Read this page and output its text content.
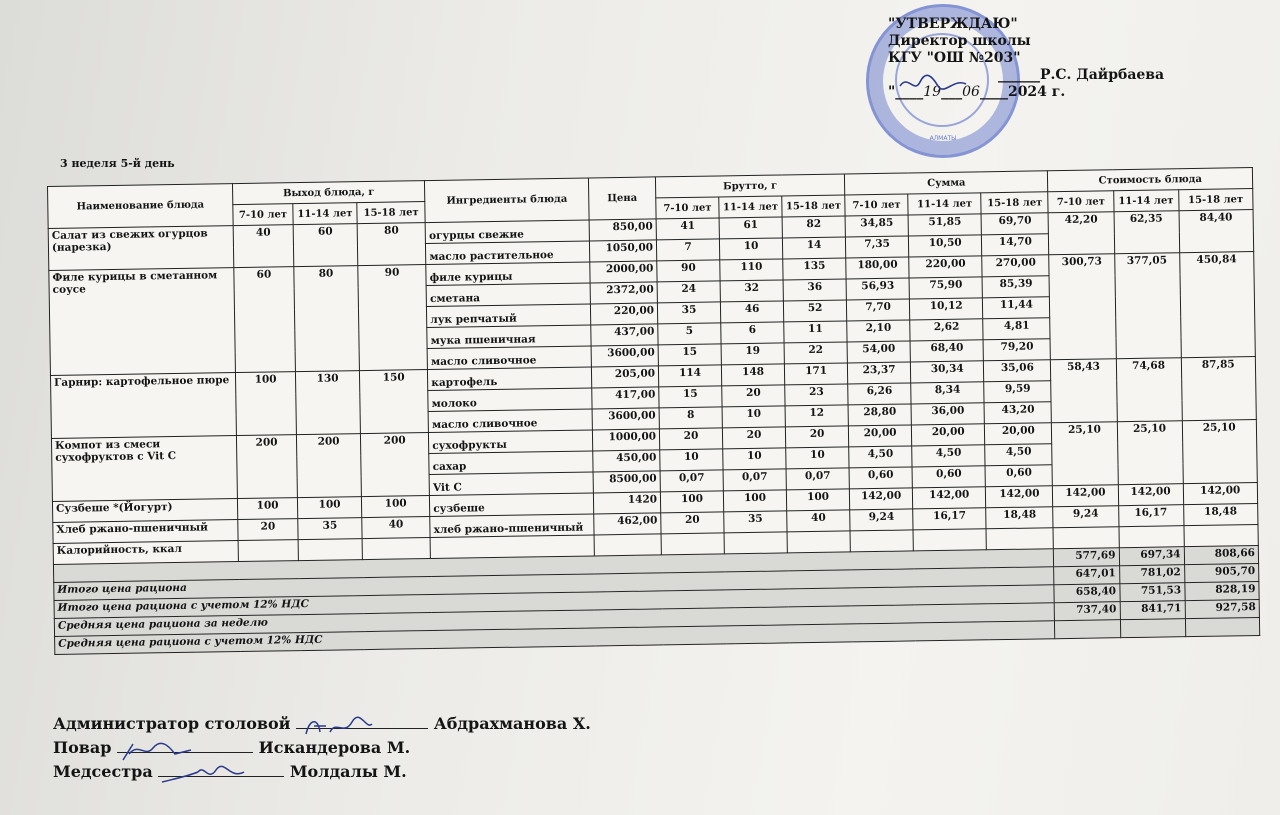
АЛМАТЫ
"УТВЕРЖДАЮ"
Директор школы
КГУ "ОШ №203"
______Р.С. Дайрбаева
"____19___06____2024 г.
3 неделя 5-й день
Наименование блюда	Выход блюда, г			Ингредиенты блюда	Цена	Брутто, г			Сумма			Стоимость блюда		
	7-10 лет	11-14 лет	15-18 лет			7-10 лет	11-14 лет	15-18 лет	7-10 лет	11-14 лет	15-18 лет	7-10 лет	11-14 лет	15-18 лет
Салат из свежих огурцов (нарезка)	40	60	80	огурцы свежие	850,00	41	61	82	34,85	51,85	69,70	42,20	62,35	84,40
				масло растительное	1050,00	7	10	14	7,35	10,50	14,70			
Филе курицы в сметанном соусе	60	80	90	филе курицы	2000,00	90	110	135	180,00	220,00	270,00	300,73	377,05	450,84
				сметана	2372,00	24	32	36	56,93	75,90	85,39			
				лук репчатый	220,00	35	46	52	7,70	10,12	11,44			
				мука пшеничная	437,00	5	6	11	2,10	2,62	4,81			
				масло сливочное	3600,00	15	19	22	54,00	68,40	79,20			
Гарнир: картофельное пюре	100	130	150	картофель	205,00	114	148	171	23,37	30,34	35,06	58,43	74,68	87,85
				молоко	417,00	15	20	23	6,26	8,34	9,59			
				масло сливочное	3600,00	8	10	12	28,80	36,00	43,20			
Компот из смеси сухофруктов с Vit C	200	200	200	сухофрукты	1000,00	20	20	20	20,00	20,00	20,00	25,10	25,10	25,10
				сахар	450,00	10	10	10	4,50	4,50	4,50			
				Vit C	8500,00	0,07	0,07	0,07	0,60	0,60	0,60			
Сузбеше *(Йогурт)	100	100	100	сузбеше	1420	100	100	100	142,00	142,00	142,00	142,00	142,00	142,00
Хлеб ржано-пшеничный	20	35	40	хлеб ржано-пшеничный	462,00	20	35	40	9,24	16,17	18,48	9,24	16,17	18,48
Калорийность, ккал														
												577,69	697,34	808,66
Итого цена рациона												647,01	781,02	905,70
Итого цена рациона с учетом 12% НДС												658,40	751,53	828,19
Средняя цена рациона за неделю												737,40	841,71	927,58
Средняя цена рациона с учетом 12% НДС														
Администратор столовой	Абдрахманова Х.
Повар	Искандерова М.
Медсестра	Молдалы М.
